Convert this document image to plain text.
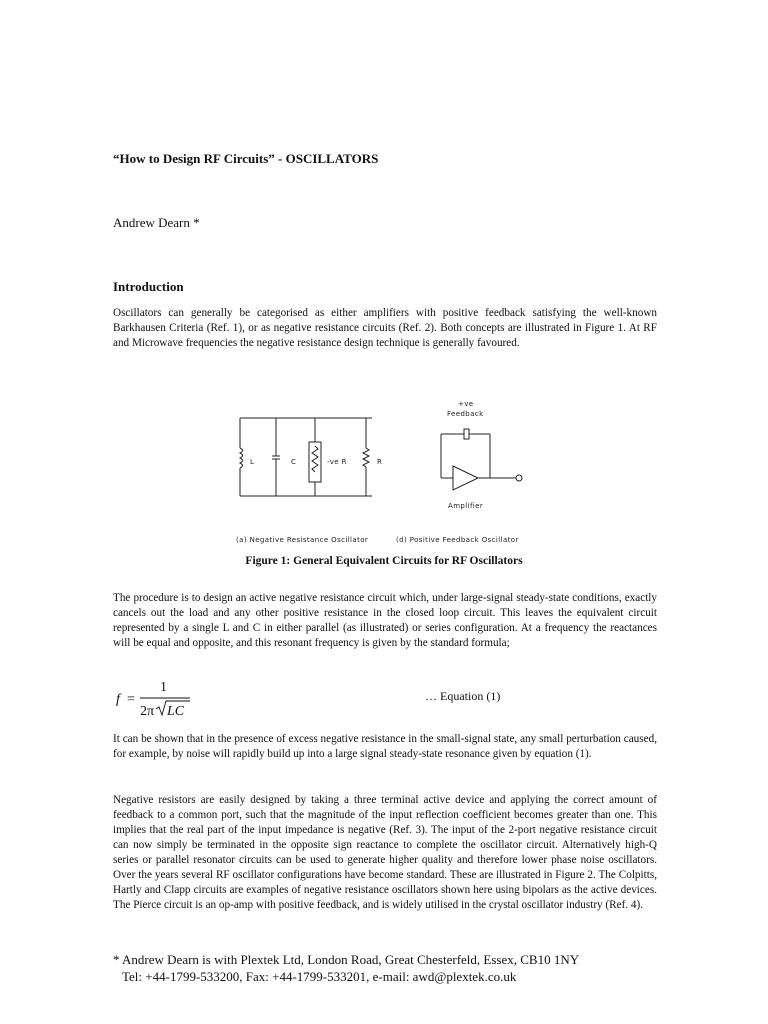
“How to Design RF Circuits” - OSCILLATORS
Andrew Dearn *
Introduction
Oscillators can generally be categorised as either amplifiers with positive feedback satisfying the well-known Barkhausen Criteria (Ref. 1), or as negative resistance circuits (Ref. 2). Both concepts are illustrated in Figure 1. At RF and Microwave frequencies the negative resistance design technique is generally favoured.
L	C	-ve R	R
(a) Negative Resistance Oscillator
+ve
Feedback
Amplifier
(d) Positive Feedback Oscillator
Figure 1: General Equivalent Circuits for RF Oscillators
The procedure is to design an active negative resistance circuit which, under large-signal steady-state conditions, exactly cancels out the load and any other positive resistance in the closed loop circuit. This leaves the equivalent circuit represented by a single L and C in either parallel (as illustrated) or series configuration. At a frequency the reactances will be equal and opposite, and this resonant frequency is given by the standard formula;
f =
1
2π LC
… Equation (1)
It can be shown that in the presence of excess negative resistance in the small-signal state, any small perturbation caused, for example, by noise will rapidly build up into a large signal steady-state resonance given by equation (1).
Negative resistors are easily designed by taking a three terminal active device and applying the correct amount of feedback to a common port, such that the magnitude of the input reflection coefficient becomes greater than one. This implies that the real part of the input impedance is negative (Ref. 3). The input of the 2-port negative resistance circuit can now simply be terminated in the opposite sign reactance to complete the oscillator circuit. Alternatively high-Q series or parallel resonator circuits can be used to generate higher quality and therefore lower phase noise oscillators. Over the years several RF oscillator configurations have become standard. These are illustrated in Figure 2. The Colpitts, Hartly and Clapp circuits are examples of negative resistance oscillators shown here using bipolars as the active devices. The Pierce circuit is an op-amp with positive feedback, and is widely utilised in the crystal oscillator industry (Ref. 4).
* Andrew Dearn is with Plextek Ltd, London Road, Great Chesterfeld, Essex, CB10 1NY
Tel: +44-1799-533200, Fax: +44-1799-533201, e-mail: awd@plextek.co.uk
